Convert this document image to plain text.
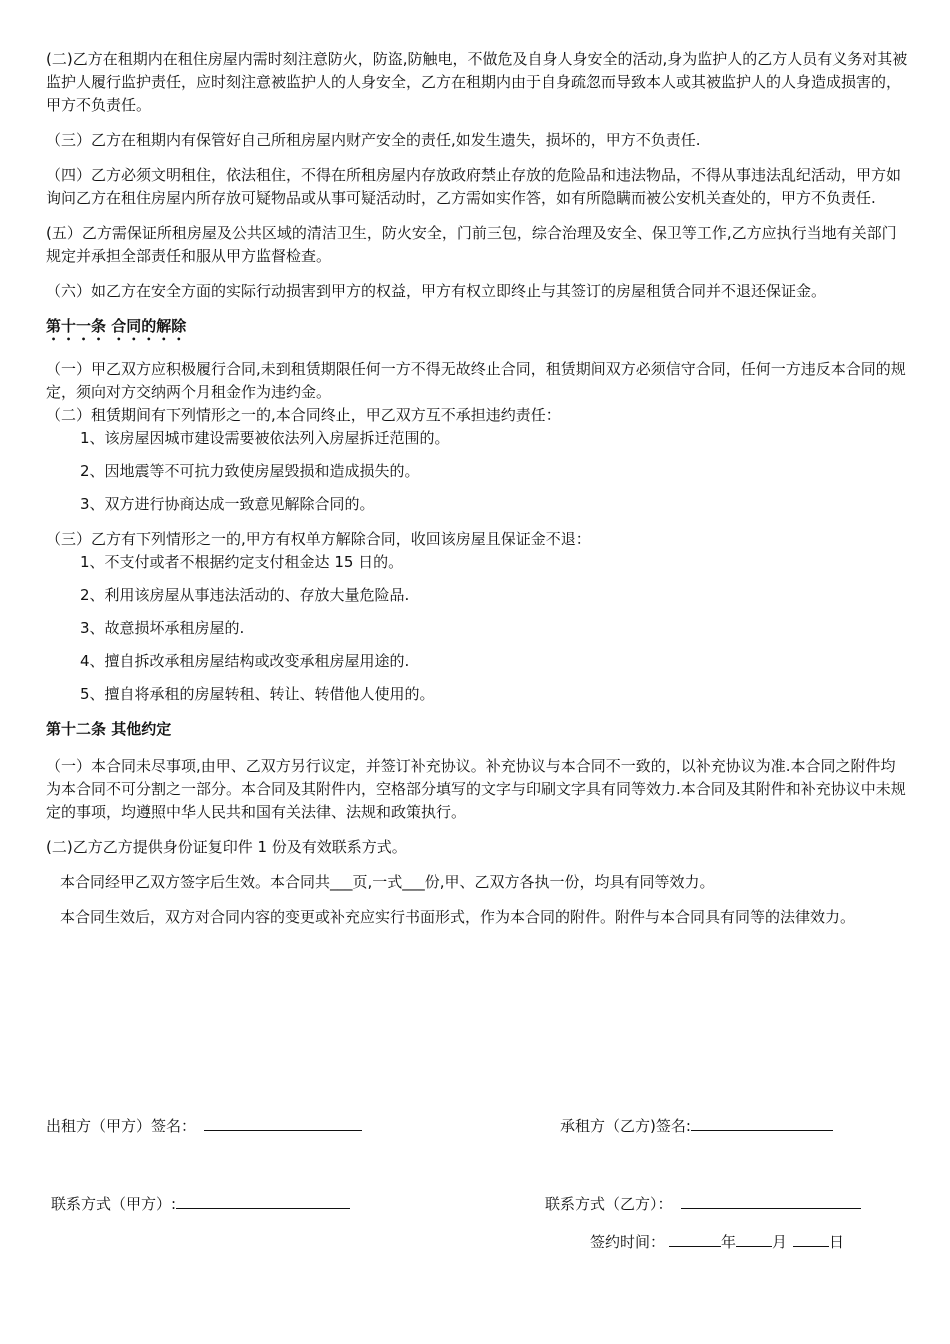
(二)乙方在租期内在租住房屋内需时刻注意防火，防盗,防触电，不做危及自身人身安全的活动,身为监护人的乙方人员有义务对其被监护人履行监护责任，应时刻注意被监护人的人身安全，乙方在租期内由于自身疏忽而导致本人或其被监护人的人身造成损害的，甲方不负责任。

（三）乙方在租期内有保管好自己所租房屋内财产安全的责任,如发生遗失，损坏的，甲方不负责任.

（四）乙方必须文明租住，依法租住，不得在所租房屋内存放政府禁止存放的危险品和违法物品，不得从事违法乱纪活动，甲方如询问乙方在租住房屋内所存放可疑物品或从事可疑活动时，乙方需如实作答，如有所隐瞒而被公安机关查处的，甲方不负责任.

(五）乙方需保证所租房屋及公共区域的清洁卫生，防火安全，门前三包，综合治理及安全、保卫等工作,乙方应执行当地有关部门规定并承担全部责任和服从甲方监督检查。

（六）如乙方在安全方面的实际行动损害到甲方的权益，甲方有权立即终止与其签订的房屋租赁合同并不退还保证金。

第十一条 合同的解除

（一）甲乙双方应积极履行合同,未到租赁期限任何一方不得无故终止合同，租赁期间双方必须信守合同，任何一方违反本合同的规定，须向对方交纳两个月租金作为违约金。

（二）租赁期间有下列情形之一的,本合同终止，甲乙双方互不承担违约责任：

1、该房屋因城市建设需要被依法列入房屋拆迁范围的。

2、因地震等不可抗力致使房屋毁损和造成损失的。

3、双方进行协商达成一致意见解除合同的。

（三）乙方有下列情形之一的,甲方有权单方解除合同，收回该房屋且保证金不退：

1、不支付或者不根据约定支付租金达 15 日的。

2、利用该房屋从事违法活动的、存放大量危险品.

3、故意损坏承租房屋的.

4、擅自拆改承租房屋结构或改变承租房屋用途的.

5、擅自将承租的房屋转租、转让、转借他人使用的。

第十二条 其他约定

（一）本合同未尽事项,由甲、乙双方另行议定，并签订补充协议。补充协议与本合同不一致的，以补充协议为准.本合同之附件均为本合同不可分割之一部分。本合同及其附件内，空格部分填写的文字与印刷文字具有同等效力.本合同及其附件和补充协议中未规定的事项，均遵照中华人民共和国有关法律、法规和政策执行。

(二)乙方乙方提供身份证复印件 1 份及有效联系方式。

本合同经甲乙双方签字后生效。本合同共___页,一式___份,甲、乙双方各执一份，均具有同等效力。

本合同生效后，双方对合同内容的变更或补充应实行书面形式，作为本合同的附件。附件与本合同具有同等的法律效力。

出租方（甲方）签名：	承租方（乙方)签名:
联系方式（甲方）:	联系方式（乙方）：
签约时间：	年 月	日
